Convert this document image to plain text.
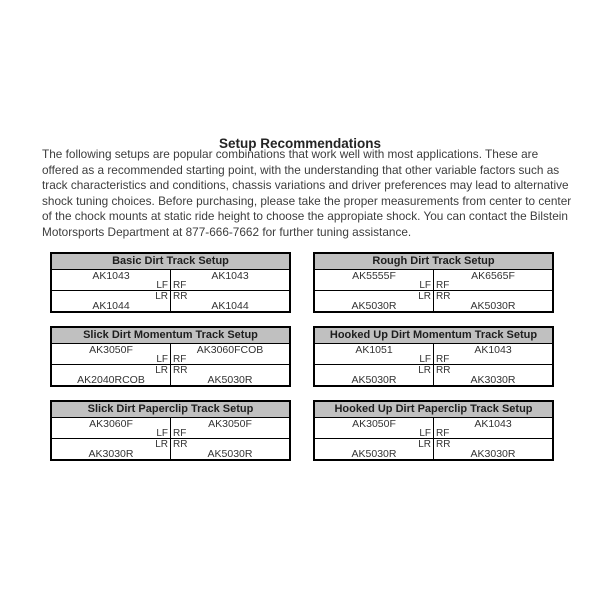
Setup Recommendations
The following setups are popular combinations that work well with most applications. These are
offered as a recommended starting point, with the understanding that other variable factors such as
track characteristics and conditions, chassis variations and driver preferences may lead to alternative
shock tuning choices. Before purchasing, please take the proper measurements from center to center
of the chock mounts at static ride height to choose the appropiate shock. You can contact the Bilstein
Motorsports Department at 877-666-7662 for further tuning assistance.
Basic Dirt Track Setup
AK1043
LF
AK1043
RF
LR
AK1044
RR
AK1044
Rough Dirt Track Setup
AK5555F
LF
AK6565F
RF
LR
AK5030R
RR
AK5030R
Slick Dirt Momentum Track Setup
AK3050F
LF
AK3060FCOB
RF
LR
AK2040RCOB
RR
AK5030R
Hooked Up Dirt Momentum Track Setup
AK1051
LF
AK1043
RF
LR
AK5030R
RR
AK3030R
Slick Dirt Paperclip Track Setup
AK3060F
LF
AK3050F
RF
LR
AK3030R
RR
AK5030R
Hooked Up Dirt Paperclip Track Setup
AK3050F
LF
AK1043
RF
LR
AK5030R
RR
AK3030R
